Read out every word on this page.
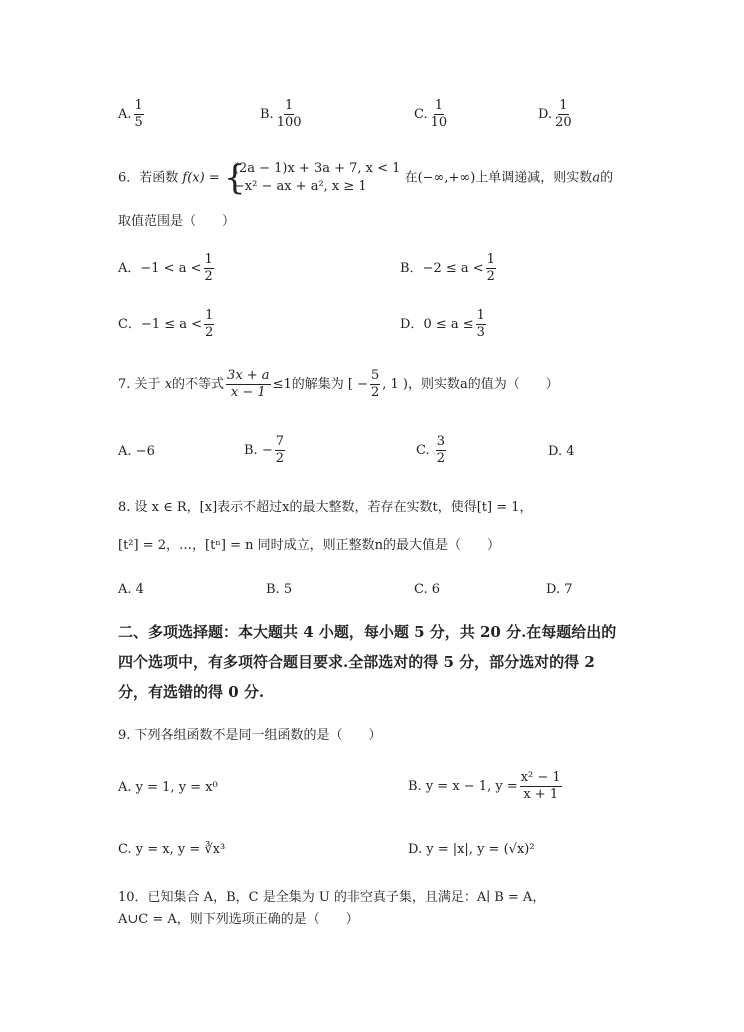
A. $\frac{1}{5}$	B. $\frac{1}{100}$	C. $\frac{1}{10}$	D. $\frac{1}{20}$
6．若函数 f(x) = {
(2a − 1)x + 3a + 7, x < 1
−x² − ax + a², x ≥ 1
在(−∞,+∞)上单调递减，则实数a的
取值范围是（　　）
A．$-1 < a < \frac{1}{2}$	B．$-2 \le a < \frac{1}{2}$
C．$-1 \le a < \frac{1}{2}$	D．$0 \le a \le \frac{1}{3}$
7. 关于 x的不等式 $\frac{3x + a}{x - 1} \le 1$的解集为 [ − $\frac{5}{2}$ , 1 )，则实数a的值为（　　）
A. −6	B. − $\frac{7}{2}$	C. $\frac{3}{2}$	D. 4
8. 设 x ∈ R，[x]表示不超过x的最大整数，若存在实数t，使得[t] = 1，
[t²] = 2，…，[tⁿ] = n 同时成立，则正整数n的最大值是（　　）
A. 4	B. 5	C. 6	D. 7
二、多项选择题：本大题共 4 小题，每小题 5 分，共 20 分.在每题给出的
四个选项中，有多项符合题目要求.全部选对的得 5 分，部分选对的得 2
分，有选错的得 0 分.
9. 下列各组函数不是同一组函数的是（　　）
A. y = 1, y = x⁰	B. y = x − 1, $y = \frac{\text{x² − 1}}{x + 1}$
C. y = x, y = ∛x³	D. y = |x|, y = (√x)²
10．已知集合 A，B，C 是全集为 U 的非空真子集，且满足：A∣ B = A，
A∪C = A，则下列选项正确的是（　　）
